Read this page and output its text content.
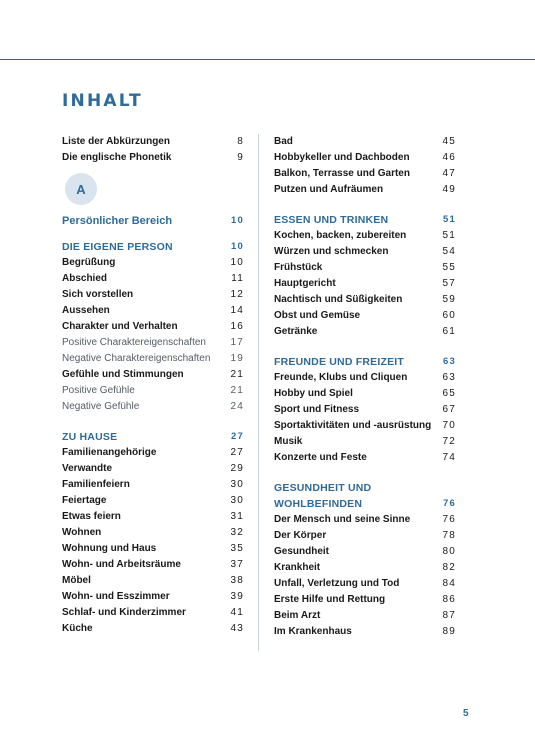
INHALT
Liste der Abkürzungen	8
Die englische Phonetik	9
A
Persönlicher Bereich	10
DIE EIGENE PERSON	10
Begrüßung	10
Abschied	11
Sich vorstellen	12
Aussehen	14
Charakter und Verhalten	16
Positive Charaktereigenschaften	17
Negative Charaktereigenschaften	19
Gefühle und Stimmungen	21
Positive Gefühle	21
Negative Gefühle	24
ZU HAUSE	27
Familienangehörige	27
Verwandte	29
Familienfeiern	30
Feiertage	30
Etwas feiern	31
Wohnen	32
Wohnung und Haus	35
Wohn- und Arbeitsräume	37
Möbel	38
Wohn- und Esszimmer	39
Schlaf- und Kinderzimmer	41
Küche	43
Bad	45
Hobbykeller und Dachboden	46
Balkon, Terrasse und Garten	47
Putzen und Aufräumen	49
ESSEN UND TRINKEN	51
Kochen, backen, zubereiten	51
Würzen und schmecken	54
Frühstück	55
Hauptgericht	57
Nachtisch und Süßigkeiten	59
Obst und Gemüse	60
Getränke	61
FREUNDE UND FREIZEIT	63
Freunde, Klubs und Cliquen	63
Hobby und Spiel	65
Sport und Fitness	67
Sportaktivitäten und -ausrüstung	70
Musik	72
Konzerte und Feste	74
GESUNDHEIT UND
WOHLBEFINDEN	76
Der Mensch und seine Sinne	76
Der Körper	78
Gesundheit	80
Krankheit	82
Unfall, Verletzung und Tod	84
Erste Hilfe und Rettung	86
Beim Arzt	87
Im Krankenhaus	89
5
